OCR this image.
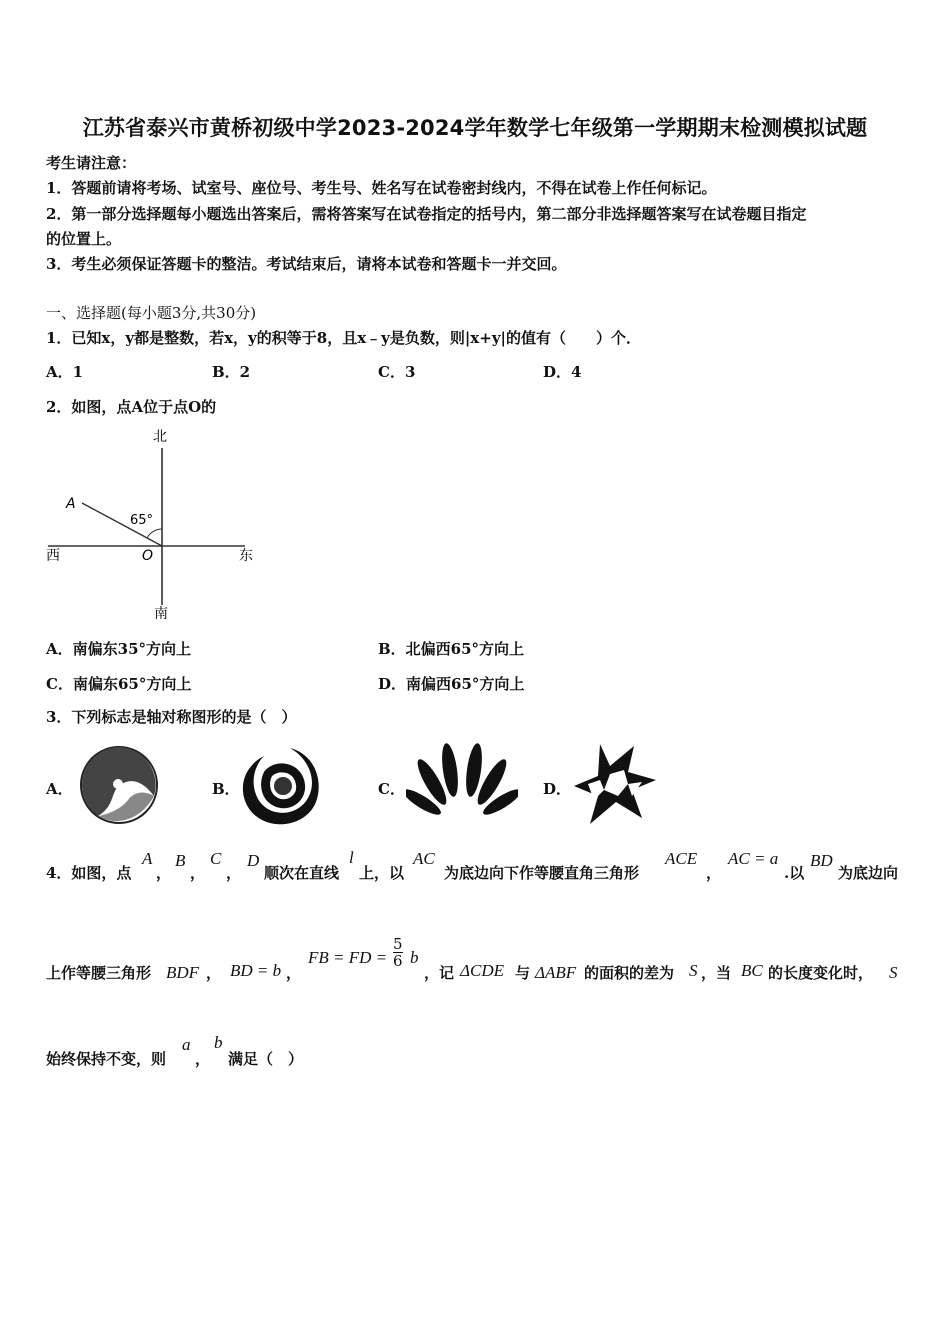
江苏省泰兴市黄桥初级中学2023-2024学年数学七年级第一学期期末检测模拟试题
考生请注意：
1．答题前请将考场、试室号、座位号、考生号、姓名写在试卷密封线内，不得在试卷上作任何标记。
2．第一部分选择题每小题选出答案后，需将答案写在试卷指定的括号内，第二部分非选择题答案写在试卷题目指定
的位置上。
3．考生必须保证答题卡的整洁。考试结束后，请将本试卷和答题卡一并交回。
一、选择题(每小题3分,共30分)
1．已知x，y都是整数，若x，y的积等于8，且x﹣y是负数，则|x+y|的值有（　　）个．
A．1	B．2	C．3	D．4
2．如图，点A位于点O的
北
南
西	东
A
O
65°
A．南偏东35°方向上	B．北偏西65°方向上
C．南偏东65°方向上	D．南偏西65°方向上
3．下列标志是轴对称图形的是（　）
A．	B．	C．	D．
4．如图，点
A
，
B
，
C
，
D
顺次在直线
l
上，以
AC
为底边向下作等腰直角三角形
ACE
，
AC = a
.以
BD
为底边向
上作等腰三角形 BDF ， BD = b ，
FB = FD = $\frac{5}{6}$ b
，记 ΔCDE 与 ΔABF 的面积的差为 S ，当 BC 的长度变化时， S
始终保持不变，则
a
，
b
满足（　）
